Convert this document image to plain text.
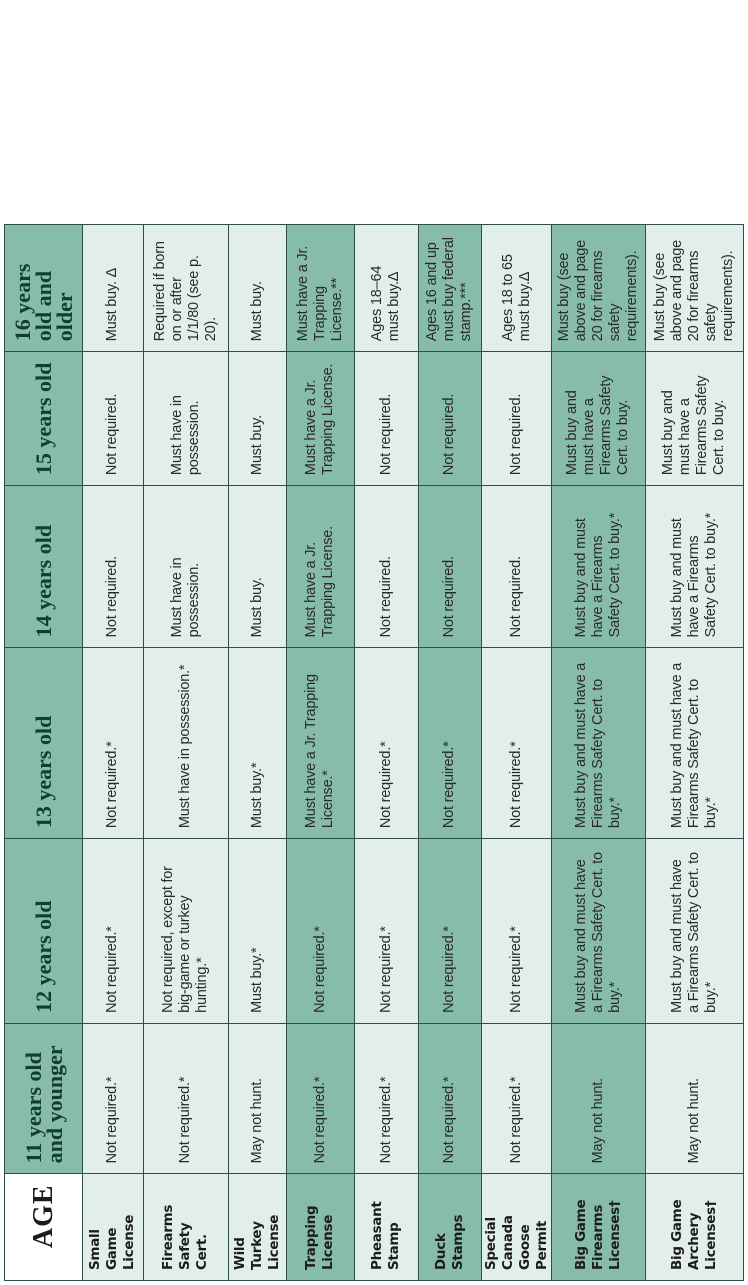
AGE	11 years old and younger	12 years old	13 years old	14 years old	15 years old	16 years old and older
Small Game License	Not required.*	Not required.*	Not required.*	Not required.	Not required.	Must buy. Δ
Firearms Safety Cert.	Not required.*	Not required, except for big-game or turkey hunting.*	Must have in possession.*	Must have in possession.	Must have in possession.	Required if born on or after 1/1/80 (see p. 20).
Wild Turkey License	May not hunt.	Must buy.*	Must buy.*	Must buy.	Must buy.	Must buy.
Trapping License	Not required.*	Not required.*	Must have a Jr. Trapping License.*	Must have a Jr. Trapping License.	Must have a Jr. Trapping License.	Must have a Jr. Trapping License.**
Pheasant Stamp	Not required.*	Not required.*	Not required.*	Not required.	Not required.	Ages 18–64 must buy.Δ
Duck Stamps	Not required.*	Not required.*	Not required.*	Not required.	Not required.	Ages 16 and up must buy federal stamp.***
Special Canada Goose Permit	Not required.*	Not required.*	Not required.*	Not required.	Not required.	Ages 18 to 65 must buy.Δ
Big Game Firearms Licenses†	May not hunt.	Must buy and must have a Firearms Safety Cert. to buy.*	Must buy and must have a Firearms Safety Cert. to buy.*	Must buy and must have a Firearms Safety Cert. to buy.*	Must buy and must have a Firearms Safety Cert. to buy.	Must buy (see above and page 20 for firearms safety requirements).
Big Game Archery Licenses†	May not hunt.	Must buy and must have a Firearms Safety Cert. to buy.*	Must buy and must have a Firearms Safety Cert. to buy.*	Must buy and must have a Firearms Safety Cert. to buy.*	Must buy and must have a Firearms Safety Cert. to buy.	Must buy (see above and page 20 for firearms safety requirements).
